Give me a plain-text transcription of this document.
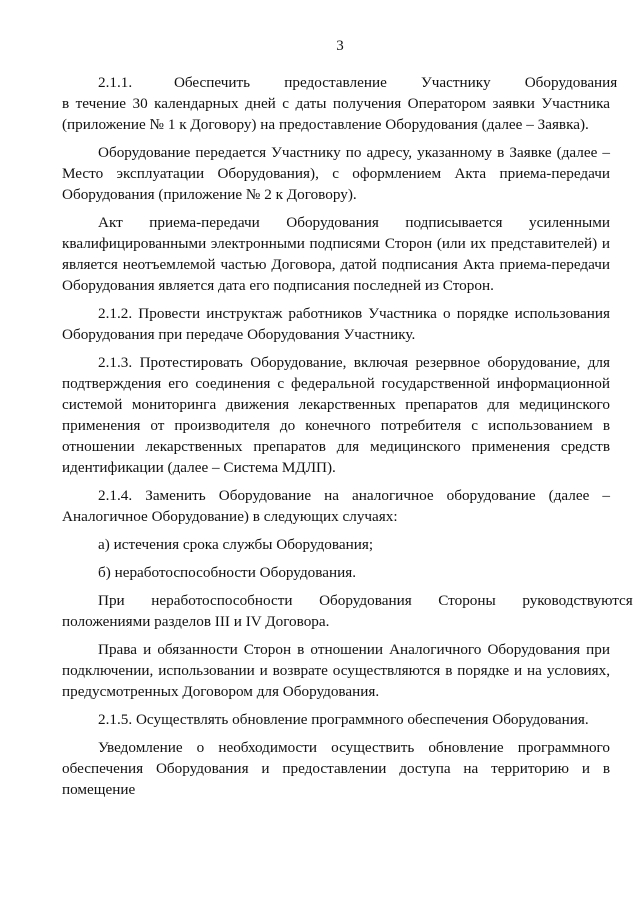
3

2.1.1.           Обеспечить         предоставление         Участнику         Оборудования в течение 30 календарных дней с даты получения Оператором заявки Участника (приложение № 1 к Договору) на предоставление Оборудования (далее – Заявка).

Оборудование передается Участнику по адресу, указанному в Заявке (далее – Место эксплуатации Оборудования), с оформлением Акта приема-передачи Оборудования (приложение № 2 к Договору).

Акт приема-передачи Оборудования подписывается усиленными квалифицированными электронными подписями Сторон (или их представителей) и является неотъемлемой частью Договора, датой подписания Акта приема-передачи Оборудования является дата его подписания последней из Сторон.

2.1.2. Провести инструктаж работников Участника о порядке использования Оборудования при передаче Оборудования Участнику.

2.1.3. Протестировать Оборудование, включая резервное оборудование, для подтверждения его соединения с федеральной государственной информационной системой мониторинга движения лекарственных препаратов для медицинского применения от производителя до конечного потребителя с использованием в отношении лекарственных препаратов для медицинского применения средств идентификации (далее – Система МДЛП).

2.1.4. Заменить Оборудование на аналогичное оборудование (далее – Аналогичное Оборудование) в следующих случаях:

а) истечения срока службы Оборудования;

б) неработоспособности Оборудования.

При       неработоспособности       Оборудования       Стороны       руководствуются положениями разделов III и IV Договора.

Права и обязанности Сторон в отношении Аналогичного Оборудования при подключении, использовании и возврате осуществляются в порядке и на условиях, предусмотренных Договором для Оборудования.

2.1.5. Осуществлять обновление программного обеспечения Оборудования.

Уведомление о необходимости осуществить обновление программного обеспечения Оборудования и предоставлении доступа на территорию и в помещение
